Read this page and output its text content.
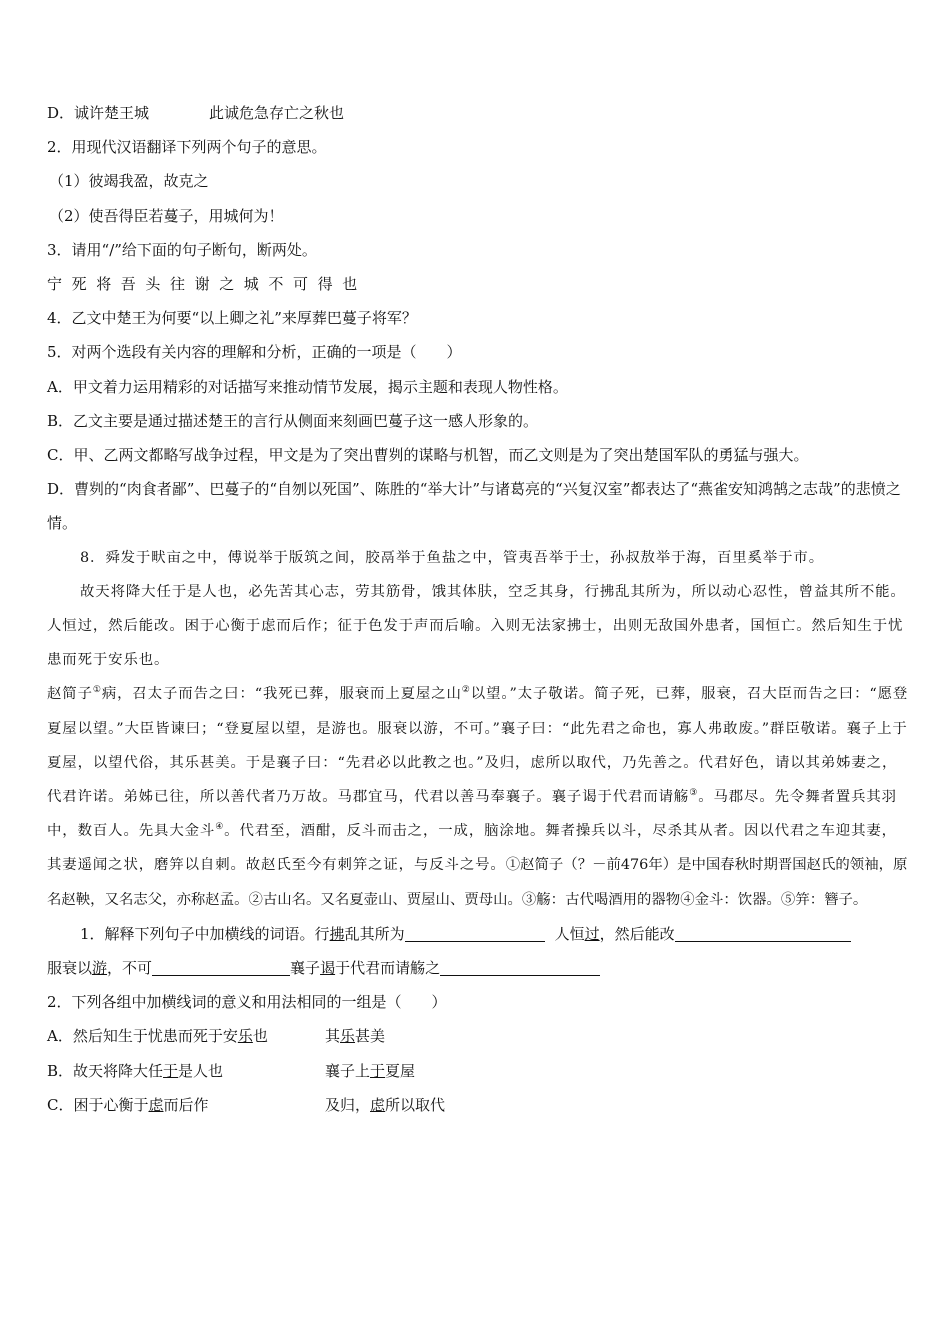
D．诚许楚王城	此诚危急存亡之秋也
2．用现代汉语翻译下列两个句子的意思。
（1）彼竭我盈，故克之
（2）使吾得臣若蔓子，用城何为！
3．请用“/”给下面的句子断句，断两处。
宁死将吾头往谢之城不可得也
4．乙文中楚王为何要“以上卿之礼”来厚葬巴蔓子将军？
5．对两个选段有关内容的理解和分析，正确的一项是（　　）
A．甲文着力运用精彩的对话描写来推动情节发展，揭示主题和表现人物性格。
B．乙文主要是通过描述楚王的言行从侧面来刻画巴蔓子这一感人形象的。
C．甲、乙两文都略写战争过程，甲文是为了突出曹刿的谋略与机智，而乙文则是为了突出楚国军队的勇猛与强大。
D．曹刿的“肉食者鄙”、巴蔓子的“自刎以死国”、陈胜的“举大计”与诸葛亮的“兴复汉室”都表达了“燕雀安知鸿鹄之志哉”的悲愤之情。
8．舜发于畎亩之中，傅说举于版筑之间，胶鬲举于鱼盐之中，管夷吾举于士，孙叔敖举于海，百里奚举于市。
故天将降大任于是人也，必先苦其心志，劳其筋骨，饿其体肤，空乏其身，行拂乱其所为，所以动心忍性，曾益其所不能。
人恒过，然后能改。困于心衡于虑而后作；征于色发于声而后喻。入则无法家拂士，出则无敌国外患者，国恒亡。然后知生于忧患而死于安乐也。
赵简子①病，召太子而告之曰：“我死已葬，服衰而上夏屋之山②以望。”太子敬诺。简子死，已葬，服衰，召大臣而告之曰：“愿登夏屋以望。”大臣皆谏曰；“登夏屋以望，是游也。服衰以游，不可。”襄子曰：“此先君之命也，寡人弗敢废。”群臣敬诺。襄子上于夏屋，以望代俗，其乐甚美。于是襄子曰：“先君必以此教之也。”及归，虑所以取代，乃先善之。代君好色，请以其弟姊妻之，代君许诺。弟姊已往，所以善代者乃万故。马郡宜马，代君以善马奉襄子。襄子谒于代君而请觞③。马郡尽。先令舞者置兵其羽中，数百人。先具大金斗④。代君至，酒酣，反斗而击之，一成，脑涂地。舞者操兵以斗，尽杀其从者。因以代君之车迎其妻，其妻遥闻之状，磨笄以自刺。故赵氏至今有刺笄之证，与反斗之号。①赵简子（？－前476年）是中国春秋时期晋国赵氏的领袖，原名赵鞅，又名志父，亦称赵孟。②古山名。又名夏壶山、贾屋山、贾母山。③觞：古代喝酒用的器物④金斗：饮器。⑤笄：簪子。
1．解释下列句子中加横线的词语。行拂乱其所为	人恒过，然后能改
服衰以游，不可	襄子谒于代君而请觞之
2．下列各组中加横线词的意义和用法相同的一组是（　　）
A．然后知生于忧患而死于安乐也	其乐甚美
B．故天将降大任于是人也	襄子上于夏屋
C．困于心衡于虑而后作	及归，虑所以取代
